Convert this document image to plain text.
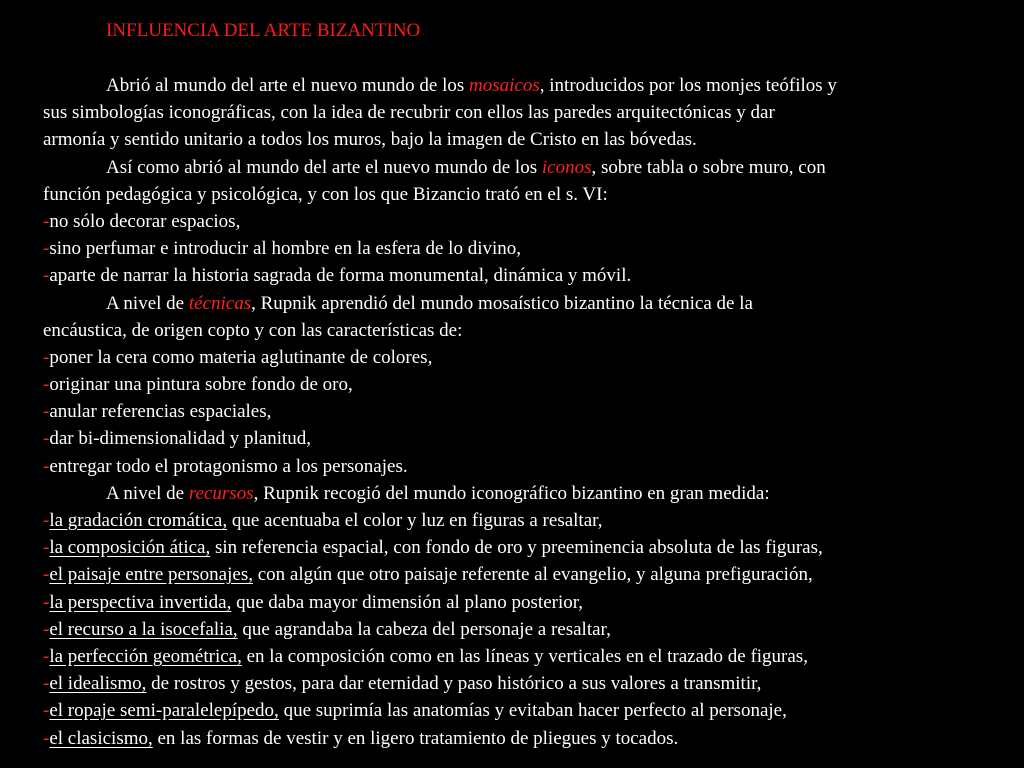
INFLUENCIA DEL ARTE BIZANTINO
Abrió al mundo del arte el nuevo mundo de los mosaicos, introducidos por los monjes teófilos y
sus simbologías iconográficas, con la idea de recubrir con ellos las paredes arquitectónicas y dar
armonía y sentido unitario a todos los muros, bajo la imagen de Cristo en las bóvedas.
Así como abrió al mundo del arte el nuevo mundo de los iconos, sobre tabla o sobre muro, con
función pedagógica y psicológica, y con los que Bizancio trató en el s. VI:
-no sólo decorar espacios,
-sino perfumar e introducir al hombre en la esfera de lo divino,
-aparte de narrar la historia sagrada de forma monumental, dinámica y móvil.
A nivel de técnicas, Rupnik aprendió del mundo mosaístico bizantino la técnica de la
encáustica, de origen copto y con las características de:
-poner la cera como materia aglutinante de colores,
-originar una pintura sobre fondo de oro,
-anular referencias espaciales,
-dar bi-dimensionalidad y planitud,
-entregar todo el protagonismo a los personajes.
A nivel de recursos, Rupnik recogió del mundo iconográfico bizantino en gran medida:
-la gradación cromática, que acentuaba el color y luz en figuras a resaltar,
-la composición ática, sin referencia espacial, con fondo de oro y preeminencia absoluta de las figuras,
-el paisaje entre personajes, con algún que otro paisaje referente al evangelio, y alguna prefiguración,
-la perspectiva invertida, que daba mayor dimensión al plano posterior,
-el recurso a la isocefalia, que agrandaba la cabeza del personaje a resaltar,
-la perfección geométrica, en la composición como en las líneas y verticales en el trazado de figuras,
-el idealismo, de rostros y gestos, para dar eternidad y paso histórico a sus valores a transmitir,
-el ropaje semi-paralelepípedo, que suprimía las anatomías y evitaban hacer perfecto al personaje,
-el clasicismo, en las formas de vestir y en ligero tratamiento de pliegues y tocados.
